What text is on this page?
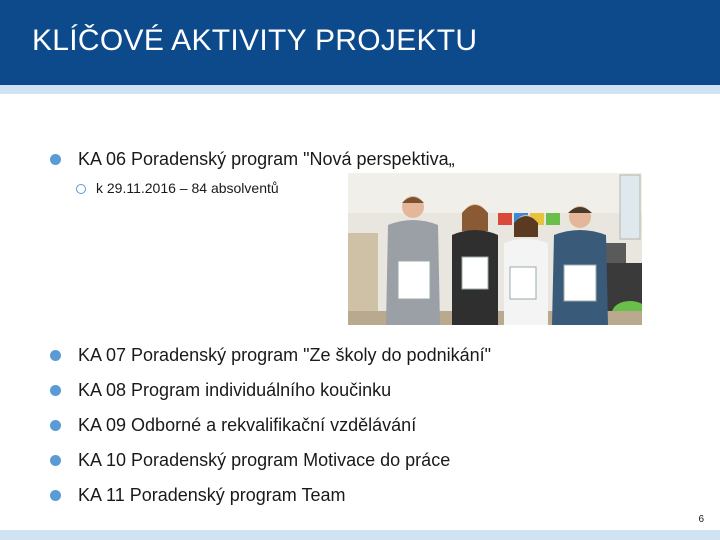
KLÍČOVÉ AKTIVITY PROJEKTU
KA 06 Poradenský program "Nová perspektiva„
k 29.11.2016 – 84 absolventů
KA 07 Poradenský program "Ze školy do podnikání"
KA 08 Program individuálního koučinku
KA 09 Odborné a rekvalifikační vzdělávání
KA 10 Poradenský program Motivace do práce
KA 11 Poradenský program Team
6
